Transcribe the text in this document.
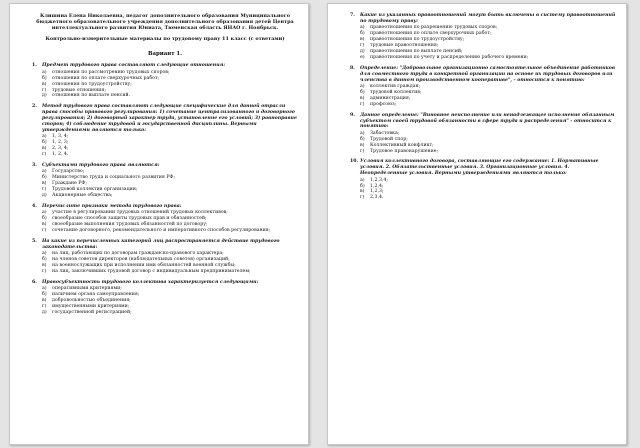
Клишина Елена Николаевна, педагог дополнительного образования Муниципального бюджетного образовательного учреждения дополнительного образования детей Центра интеллектуального развития Юниата, Тюменская область ЯНАО г. Ноябрьск.
Контрольно-измерительные материалы по трудовому праву 11 класс (с ответами)
Вариант 1.
1.	Предмет трудового права составляют следующие отношения:
а)	отношения по рассмотрению трудовых споров;
б)	отношения по оплате сверхурочных работ;
в)	отношения по трудоустройству;
г)	трудовые отношения;
д)	отношения по выплате пенсий.
2.	Метод трудового права составляют следующие специфические для данной отрасли права способы правового регулирования: 1) сочетание централизованного и договорного регулирования; 2) договорный характер труда, установление его условий; 3) равноправие сторон; 4) соблюдение трудовой и государственной дисциплины. Верными утверждениями являются только:
а)	1, 3, 4;
б)	1, 2, 3;
в)	2, 3, 4;
г)	1, 2, 4.
3.	Субъектами трудового права являются:
а)	Государство;
б)	Министерство труда и социального развития РФ;
в)	Граждане РФ;
г)	Трудовой коллектив организации;
д)	Акционерные общества;
4.	Перечислите признаки метода трудового права:
а)	участие в регулировании трудовых отношений трудовых коллективов;
б)	своеобразие способов защиты трудовых прав и обязанностей;
в)	своеобразие выполнения трудовых обязанностей по договору;
г)	сочетание договорного, рекомендательного и императивного способов регулирования;
5.	На какие из перечисленных категорий лиц распространяется действие трудового законодательства:
а)	на лиц, работающих по договорам гражданско-правового характера;
б)	на членов советов директоров (наблюдательных советов) организаций;
в)	на военнослужащих при исполнении ими обязанностей военной службы;
г)	на лиц, заключивших трудовой договор с индивидуальным предпринимателем;
6.	Правосубъектность трудового коллектива характеризуется следующими:
а)	оперативными критериями;
б)	наличием органа самоуправления;
в)	добровольностью объединения;
г)	имущественными критериями;
д)	государственной регистрацией;
7.	Какие из указанных правоотношений могут быть включены в систему правоотношений по трудовому праву:
а)	правоотношения по разрешению трудовых споров;
б)	правоотношения по оплате сверхурочных работ;
в)	правоотношения по трудоустройству;
г)	трудовые правоотношения;
д)	правоотношения по выплате пенсий;
е)	правоотношения по учету и распределению рабочего времени;
8.	Определение: "Добровольное организационно самостоятельное объединение работников для совместного труда в конкретной организации на основе их трудовых договоров или членства в данном производственном кооперативе", - относится к понятию:
а)	коллектив граждан;
б)	трудовой коллектив;
в)	администрация;
г)	профсоюз;
9.	Данное определение: "Виновное неисполнение или ненадлежащее исполнение обязанным субъектом своей трудовой обязанности в сфере труда и распределения" - относится к понятию:
а)	Забастовка;
б)	Трудовой спор;
в)	Коллективный конфликт;
г)	Трудовое правонарушение;
10. Условия коллективного договора, составляющие его содержание: 1. Нормативные условия. 2. Обязательственные условия. 3. Организационные условия. 4. Неопределенные условия. Верными утверждениями являются только:
а)	1,2,3,4;
б)	1,2,4;
в)	1,2,3;
г)	2,3,4.
